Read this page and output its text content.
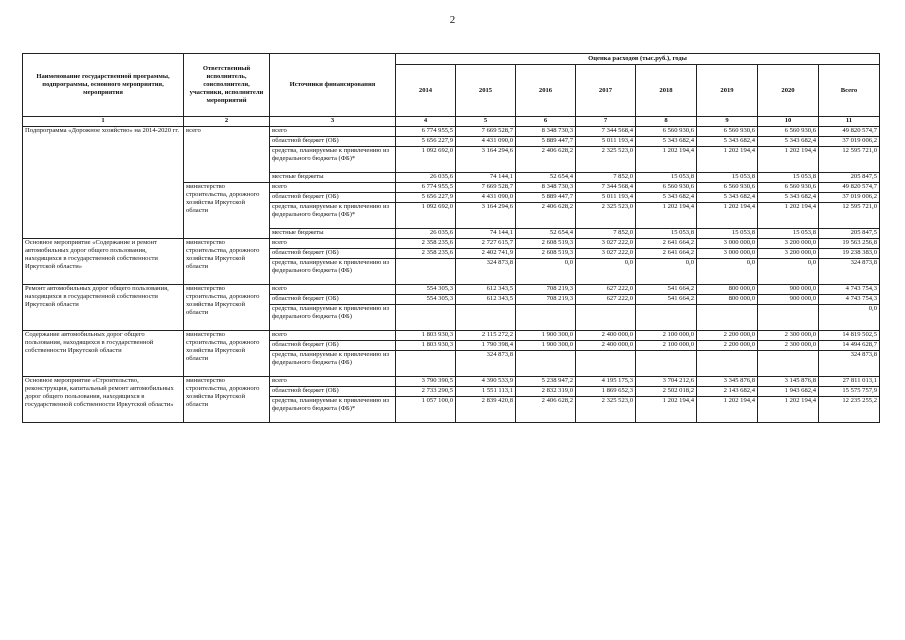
2
Наименование государственной программы, подпрограммы, основного мероприятия, мероприятия	Ответственный исполнитель, соисполнители, участники, исполнители мероприятий	Источники финансирования	Оценка расходов (тыс.руб.), годы							
			2014	2015	2016	2017	2018	2019	2020	Всего
1	2	3	4	5	6	7	8	9	10	11
Подпрограмма «Дорожное хозяйство» на 2014-2020 гг.	всего	всего	6 774 955,5	7 669 528,7	8 348 730,3	7 344 568,4	6 560 930,6	6 560 930,6	6 560 930,6	49 820 574,7
		областной бюджет (ОБ)	5 656 227,9	4 431 090,0	5 889 447,7	5 011 193,4	5 343 682,4	5 343 682,4	5 343 682,4	37 019 006,2
		средства, планируемые к привлечению из федерального бюджета (ФБ)*	1 092 692,0	3 164 294,6	2 406 628,2	2 325 523,0	1 202 194,4	1 202 194,4	1 202 194,4	12 595 721,0
		местные бюджеты	26 035,6	74 144,1	52 654,4	7 852,0	15 053,8	15 053,8	15 053,8	205 847,5
	министерство строительства, дорожного хозяйства Иркутской области	всего	6 774 955,5	7 669 528,7	8 348 730,3	7 344 568,4	6 560 930,6	6 560 930,6	6 560 930,6	49 820 574,7
		областной бюджет (ОБ)	5 656 227,9	4 431 090,0	5 889 447,7	5 011 193,4	5 343 682,4	5 343 682,4	5 343 682,4	37 019 006,2
		средства, планируемые к привлечению из федерального бюджета (ФБ)*	1 092 692,0	3 164 294,6	2 406 628,2	2 325 523,0	1 202 194,4	1 202 194,4	1 202 194,4	12 595 721,0
		местные бюджеты	26 035,6	74 144,1	52 654,4	7 852,0	15 053,8	15 053,8	15 053,8	205 847,5
Основное мероприятие «Содержание и ремонт автомобильных дорог общего пользования, находящихся в государственной собственности Иркутской области»	министерство строительства, дорожного хозяйства Иркутской области	всего	2 358 235,6	2 727 615,7	2 608 519,3	3 027 222,0	2 641 664,2	3 000 000,0	3 200 000,0	19 563 256,8
		областной бюджет (ОБ)	2 358 235,6	2 402 741,9	2 608 519,3	3 027 222,0	2 641 664,2	3 000 000,0	3 200 000,0	19 238 383,0
		средства, планируемые к привлечению из федерального бюджета (ФБ)		324 873,8	0,0	0,0	0,0	0,0	0,0	324 873,8
Ремонт автомобильных дорог общего пользования, находящихся в государственной собственности Иркутской области	министерство строительства, дорожного хозяйства Иркутской области	всего	554 305,3	612 343,5	708 219,3	627 222,0	541 664,2	800 000,0	900 000,0	4 743 754,3
		областной бюджет (ОБ)	554 305,3	612 343,5	708 219,3	627 222,0	541 664,2	800 000,0	900 000,0	4 743 754,3
		средства, планируемые к привлечению из федерального бюджета (ФБ)								0,0
Содержание автомобильных дорог общего пользования, находящихся в государственной собственности Иркутской области	министерство строительства, дорожного хозяйства Иркутской области	всего	1 803 930,3	2 115 272,2	1 900 300,0	2 400 000,0	2 100 000,0	2 200 000,0	2 300 000,0	14 819 502,5
		областной бюджет (ОБ)	1 803 930,3	1 790 398,4	1 900 300,0	2 400 000,0	2 100 000,0	2 200 000,0	2 300 000,0	14 494 628,7
		средства, планируемые к привлечению из федерального бюджета (ФБ)		324 873,8						324 873,8
Основное мероприятие «Строительство, реконструкция, капитальный ремонт автомобильных дорог общего пользования, находящихся в государственной собственности Иркутской области»	министерство строительства, дорожного хозяйства Иркутской области	всего	3 790 390,5	4 390 533,9	5 238 947,2	4 195 175,3	3 704 212,6	3 345 876,8	3 145 876,8	27 811 013,1
		областной бюджет (ОБ)	2 733 290,5	1 551 113,1	2 832 319,0	1 869 652,3	2 502 018,2	2 143 682,4	1 943 682,4	15 575 757,9
		средства, планируемые к привлечению из федерального бюджета (ФБ)*	1 057 100,0	2 839 420,8	2 406 628,2	2 325 523,0	1 202 194,4	1 202 194,4	1 202 194,4	12 235 255,2
